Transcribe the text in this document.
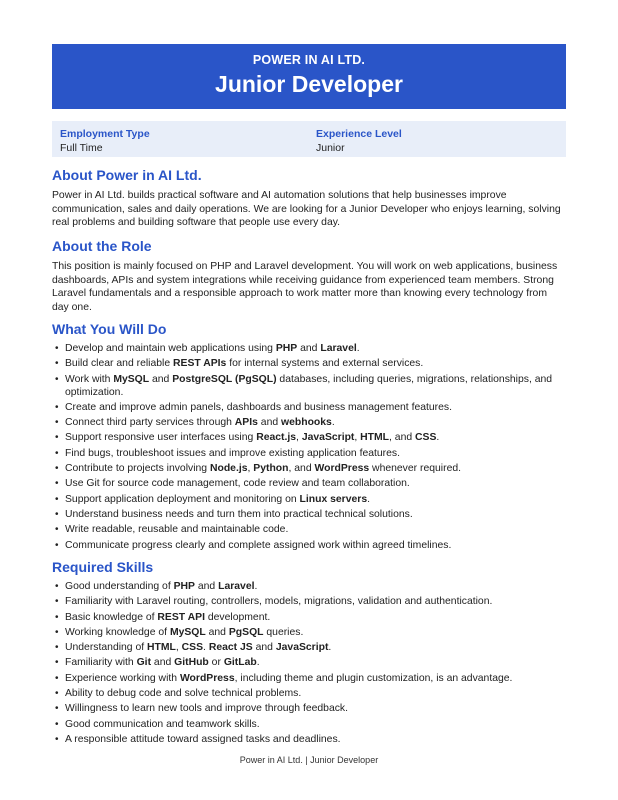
POWER IN AI LTD.
Junior Developer
Employment Type
Full Time
Experience Level
Junior
About Power in AI Ltd.

Power in AI Ltd. builds practical software and AI automation solutions that help businesses improve communication, sales and daily operations. We are looking for a Junior Developer who enjoys learning, solving real problems and building software that people use every day.

About the Role

This position is mainly focused on PHP and Laravel development. You will work on web applications, business dashboards, APIs and system integrations while receiving guidance from experienced team members. Strong Laravel fundamentals and a responsible approach to work matter more than knowing every technology from day one.

What You Will Do
• Develop and maintain web applications using PHP and Laravel.
• Build clear and reliable REST APIs for internal systems and external services.
• Work with MySQL and PostgreSQL (PgSQL) databases, including queries, migrations, relationships, and optimization.
• Create and improve admin panels, dashboards and business management features.
• Connect third party services through APIs and webhooks.
• Support responsive user interfaces using React.js, JavaScript, HTML, and CSS.
• Find bugs, troubleshoot issues and improve existing application features.
• Contribute to projects involving Node.js, Python, and WordPress whenever required.
• Use Git for source code management, code review and team collaboration.
• Support application deployment and monitoring on Linux servers.
• Understand business needs and turn them into practical technical solutions.
• Write readable, reusable and maintainable code.
• Communicate progress clearly and complete assigned work within agreed timelines.
Required Skills
• Good understanding of PHP and Laravel.
• Familiarity with Laravel routing, controllers, models, migrations, validation and authentication.
• Basic knowledge of REST API development.
• Working knowledge of MySQL and PgSQL queries.
• Understanding of HTML, CSS. React JS and JavaScript.
• Familiarity with Git and GitHub or GitLab.
• Experience working with WordPress, including theme and plugin customization, is an advantage.
• Ability to debug code and solve technical problems.
• Willingness to learn new tools and improve through feedback.
• Good communication and teamwork skills.
• A responsible attitude toward assigned tasks and deadlines.
Power in AI Ltd. | Junior Developer
